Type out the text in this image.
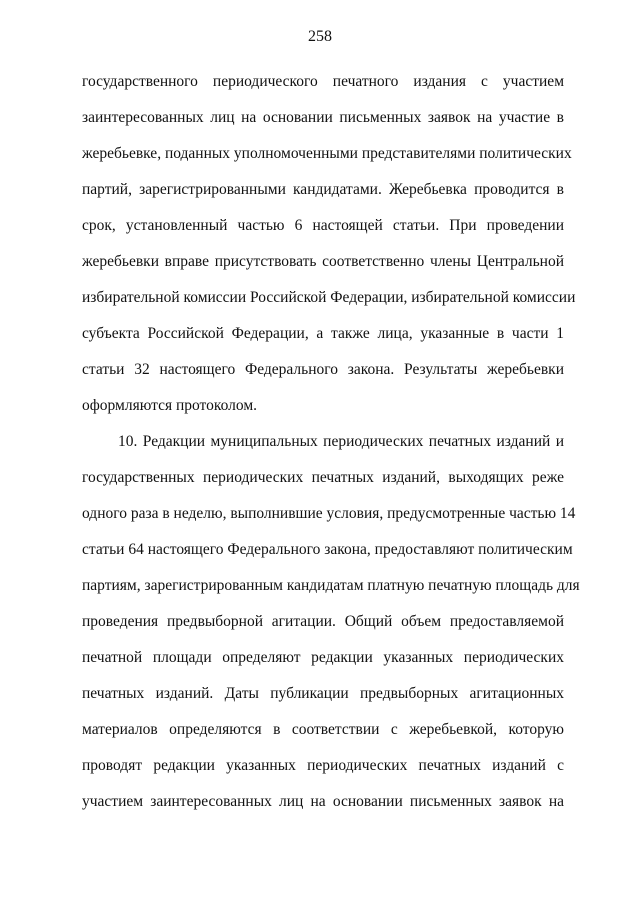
258
государственного периодического печатного издания с участием
заинтересованных лиц на основании письменных заявок на участие в
жеребьевке, поданных уполномоченными представителями политических
партий, зарегистрированными кандидатами. Жеребьевка проводится в
срок, установленный частью 6 настоящей статьи. При проведении
жеребьевки вправе присутствовать соответственно члены Центральной
избирательной комиссии Российской Федерации, избирательной комиссии
субъекта Российской Федерации, а также лица, указанные в части 1
статьи 32 настоящего Федерального закона. Результаты жеребьевки
оформляются протоколом.
10. Редакции муниципальных периодических печатных изданий и
государственных периодических печатных изданий, выходящих реже
одного раза в неделю, выполнившие условия, предусмотренные частью 14
статьи 64 настоящего Федерального закона, предоставляют политическим
партиям, зарегистрированным кандидатам платную печатную площадь для
проведения предвыборной агитации. Общий объем предоставляемой
печатной площади определяют редакции указанных периодических
печатных изданий. Даты публикации предвыборных агитационных
материалов определяются в соответствии с жеребьевкой, которую
проводят редакции указанных периодических печатных изданий с
участием заинтересованных лиц на основании письменных заявок на
